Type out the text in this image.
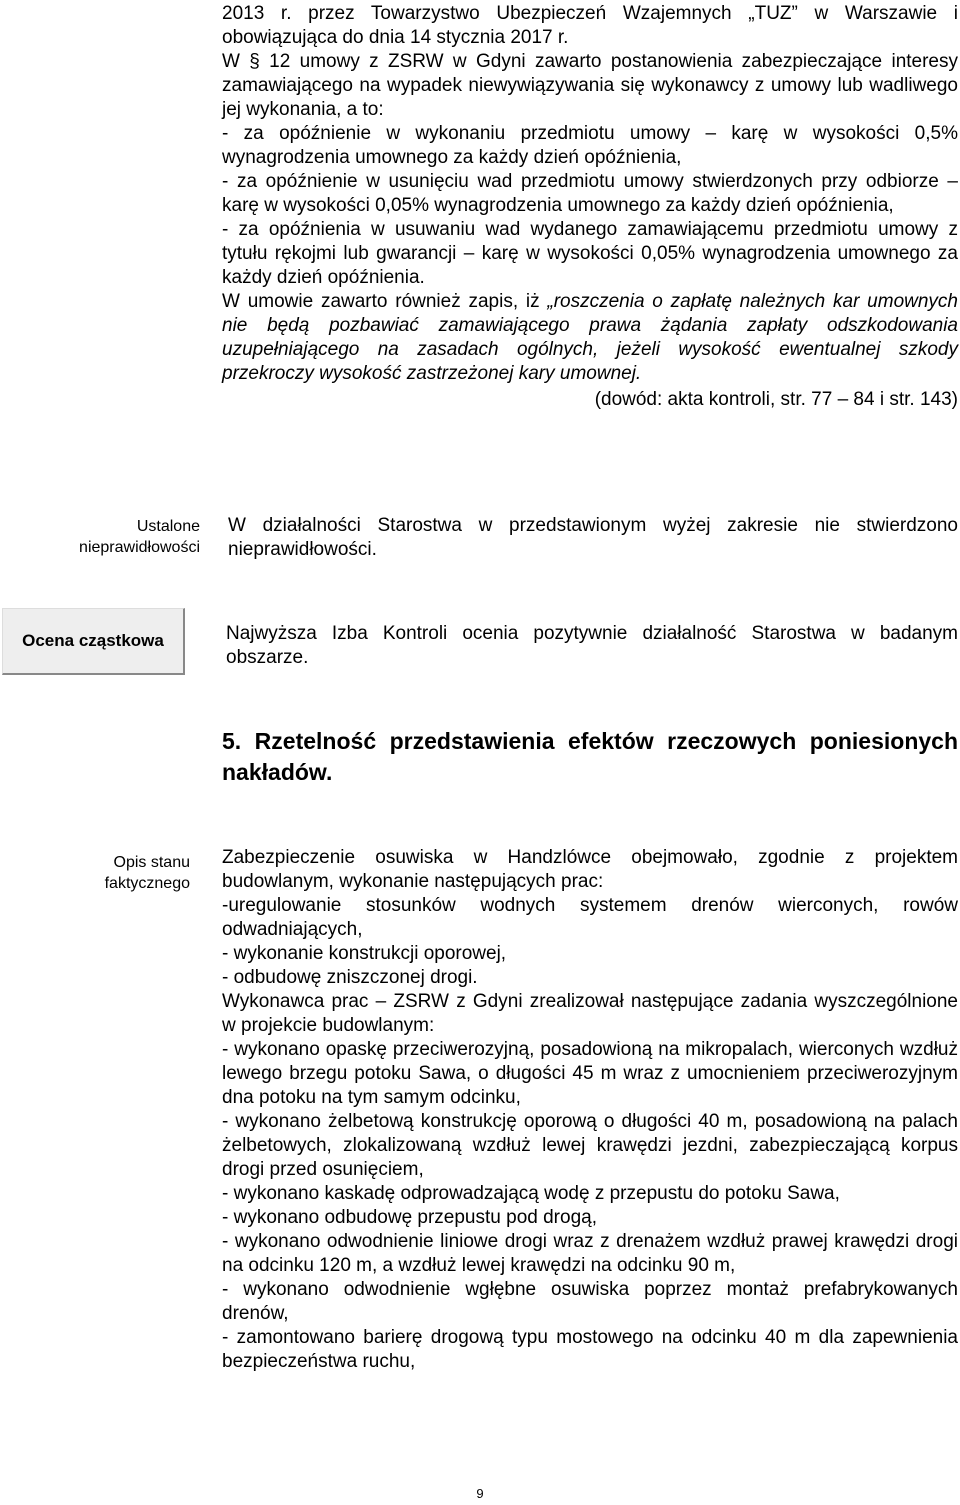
2013 r. przez Towarzystwo Ubezpieczeń Wzajemnych „TUZ” w Warszawie i obowiązująca do dnia 14 stycznia 2017 r.

W § 12 umowy z ZSRW w Gdyni zawarto postanowienia zabezpieczające interesy zamawiającego na wypadek niewywiązywania się wykonawcy z umowy lub wadliwego jej wykonania, a to:

- za opóźnienie w wykonaniu przedmiotu umowy – karę w wysokości 0,5% wynagrodzenia umownego za każdy dzień opóźnienia,

- za opóźnienie w usunięciu wad przedmiotu umowy stwierdzonych przy odbiorze – karę w wysokości 0,05% wynagrodzenia umownego za każdy dzień opóźnienia,

- za opóźnienia w usuwaniu wad wydanego zamawiającemu przedmiotu umowy z tytułu rękojmi lub gwarancji – karę w wysokości 0,05% wynagrodzenia umownego za każdy dzień opóźnienia.

W umowie zawarto również zapis, iż „roszczenia o zapłatę należnych kar umownych nie będą pozbawiać zamawiającego prawa żądania zapłaty odszkodowania uzupełniającego na zasadach ogólnych, jeżeli wysokość ewentualnej szkody przekroczy wysokość zastrzeżonej kary umownej.

(dowód: akta kontroli, str. 77 – 84 i str. 143)

Ustalone nieprawidłowości
W działalności Starostwa w przedstawionym wyżej zakresie nie stwierdzono nieprawidłowości.
Ocena cząstkowa	Najwyższa Izba Kontroli ocenia pozytywnie działalność Starostwa w badanym obszarze.
5. Rzetelność przedstawienia efektów rzeczowych poniesionych nakładów.
Opis stanu faktycznego

Zabezpieczenie osuwiska w Handzlówce obejmowało, zgodnie z projektem budowlanym, wykonanie następujących prac:

-uregulowanie stosunków wodnych systemem drenów wierconych, rowów odwadniających,

- wykonanie konstrukcji oporowej,

- odbudowę zniszczonej drogi.

Wykonawca prac – ZSRW z Gdyni zrealizował następujące zadania wyszczególnione w projekcie budowlanym:

- wykonano opaskę przeciwerozyjną, posadowioną na mikropalach, wierconych wzdłuż lewego brzegu potoku Sawa, o długości 45 m wraz z umocnieniem przeciwerozyjnym dna potoku na tym samym odcinku,

- wykonano żelbetową konstrukcję oporową o długości 40 m, posadowioną na palach żelbetowych, zlokalizowaną wzdłuż lewej krawędzi jezdni, zabezpieczającą korpus drogi przed osunięciem,

- wykonano kaskadę odprowadzającą wodę z przepustu do potoku Sawa,

- wykonano odbudowę przepustu pod drogą,

- wykonano odwodnienie liniowe drogi wraz z drenażem wzdłuż prawej krawędzi drogi na odcinku 120 m, a wzdłuż lewej krawędzi na odcinku 90 m,

- wykonano odwodnienie wgłębne osuwiska poprzez montaż prefabrykowanych drenów,

- zamontowano barierę drogową typu mostowego na odcinku 40 m dla zapewnienia bezpieczeństwa ruchu,

9
